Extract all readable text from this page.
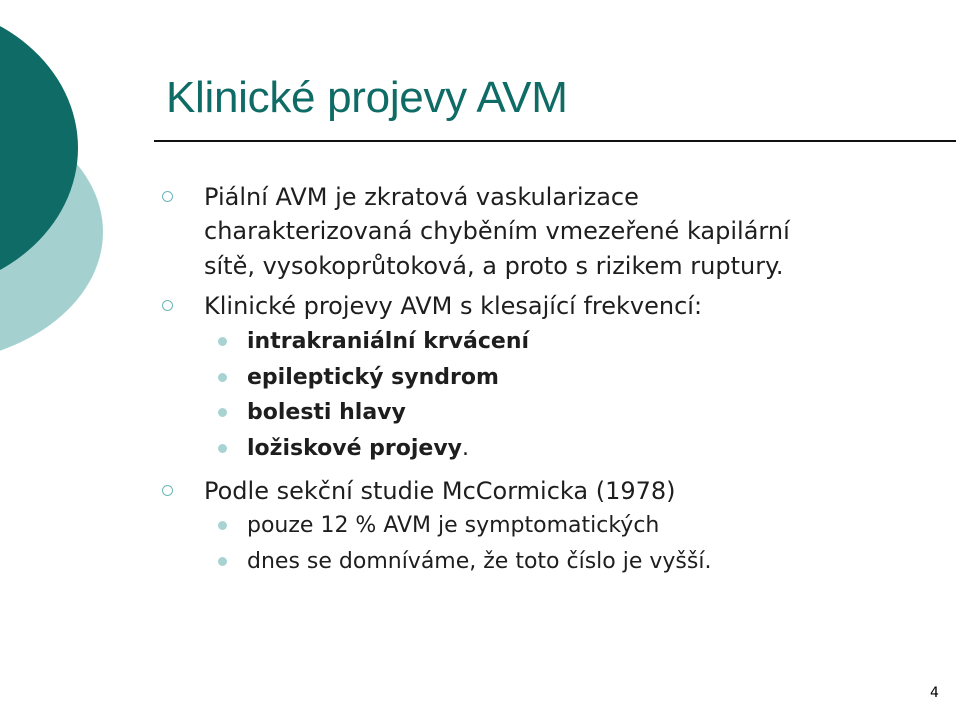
Klinické projevy AVM

Piální AVM je zkratová vaskularizace

charakterizovaná chyběním vmezeřené kapilární

sítě, vysokoprůtoková, a proto s rizikem ruptury.

Klinické projevy AVM s klesající frekvencí:

intrakraniální krvácení

epileptický syndrom

bolesti hlavy

ložiskové projevy.

Podle sekční studie McCormicka (1978)

pouze 12 % AVM je symptomatických

dnes se domníváme, že toto číslo je vyšší.

4
